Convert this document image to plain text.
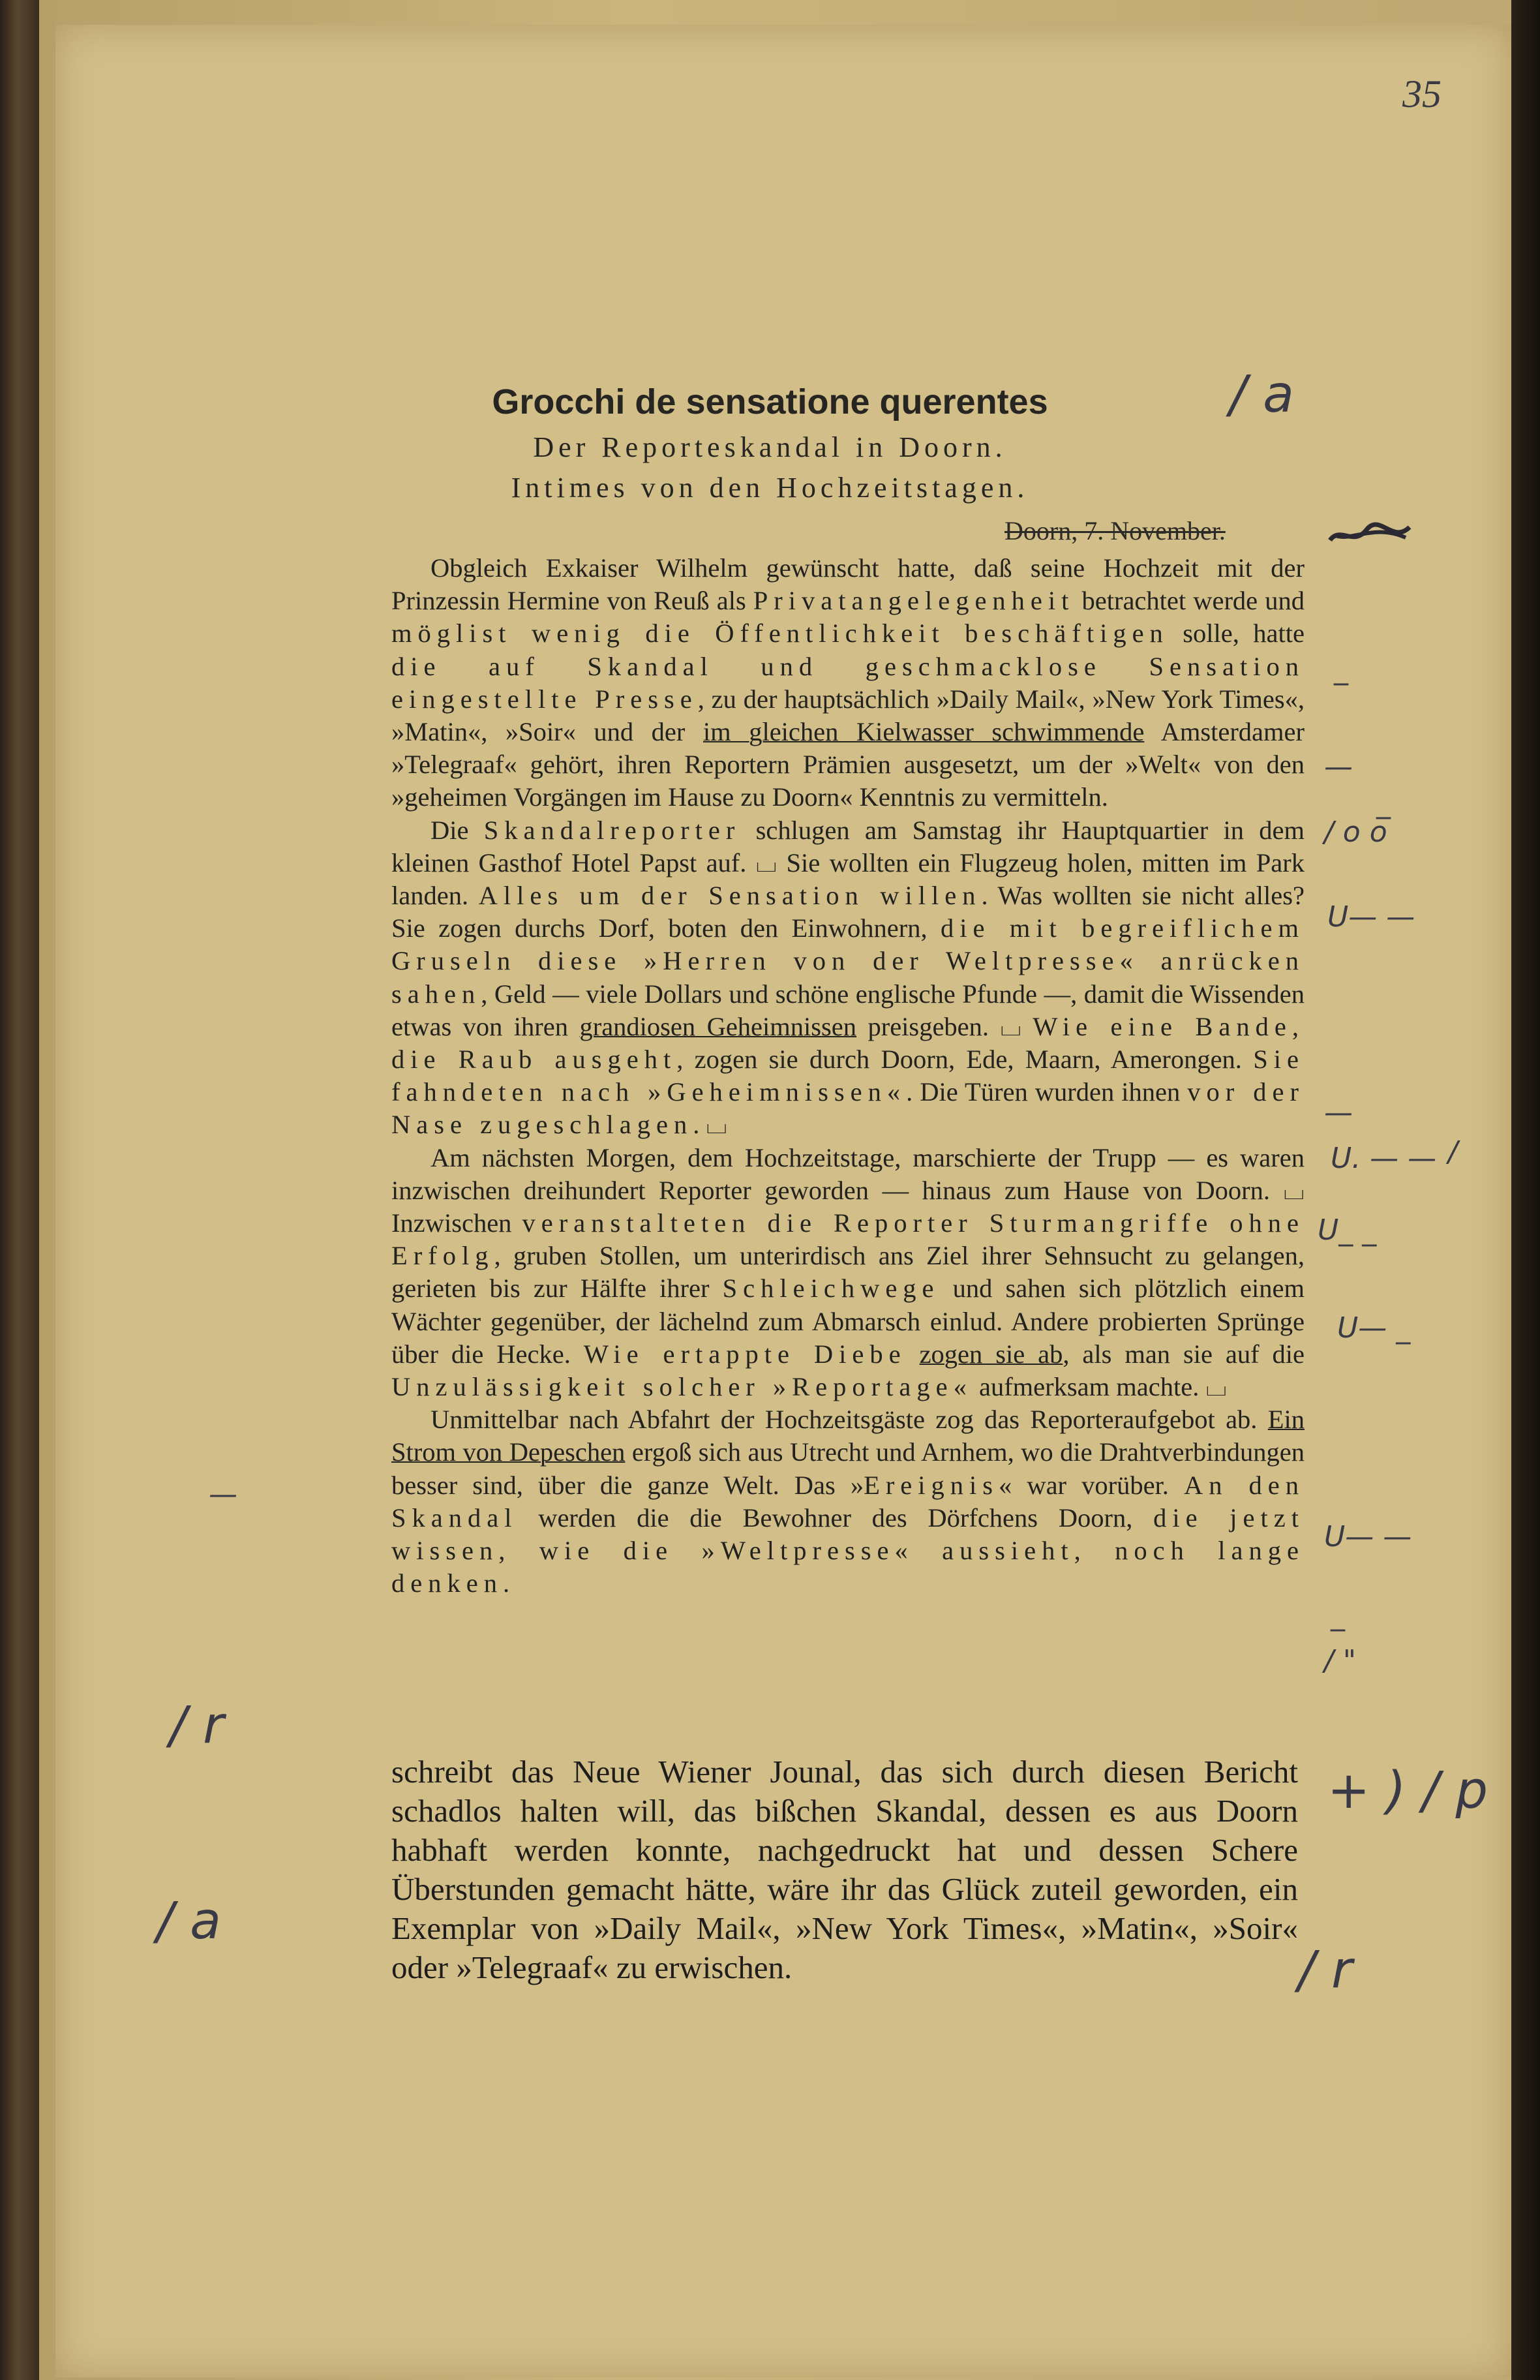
35
Grocchi de sensatione querentes
Der Reporteskandal in Doorn.
Intimes von den Hochzeitstagen.
Doorn, 7. November.

Obgleich Exkaiser Wilhelm gewünscht hatte, daß seine Hochzeit mit der Prinzessin Hermine von Reuß als Privatangelegenheit betrachtet werde und möglist wenig die Öffentlichkeit beschäftigen solle, hatte die auf Skandal und geschmacklose Sensation eingestellte Presse, zu der hauptsächlich »Daily Mail«, »New York Times«, »Matin«, »Soir« und der im gleichen Kielwasser schwimmende Amsterdamer »Telegraaf« gehört, ihren Reportern Prämien ausgesetzt, um der »Welt« von den »geheimen Vorgängen im Hause zu Doorn« Kenntnis zu vermitteln.

Die Skandalreporter schlugen am Samstag ihr Hauptquartier in dem kleinen Gasthof Hotel Papst auf. ⌴ Sie wollten ein Flugzeug holen, mitten im Park landen. Alles um der Sensation willen. Was wollten sie nicht alles? Sie zogen durchs Dorf, boten den Einwohnern, die mit begreiflichem Gruseln diese »Herren von der Weltpresse« anrücken sahen, Geld — viele Dollars und schöne englische Pfunde —, damit die Wissenden etwas von ihren grandiosen Geheimnissen preisgeben. ⌴ Wie eine Bande, die Raub ausgeht, zogen sie durch Doorn, Ede, Maarn, Amerongen. Sie fahndeten nach »Geheimnissen«. Die Türen wurden ihnen vor der Nase zugeschlagen. ⌴

Am nächsten Morgen, dem Hochzeitstage, marschierte der Trupp — es waren inzwischen dreihundert Reporter geworden — hinaus zum Hause von Doorn. ⌴ Inzwischen veranstalteten die Reporter Sturmangriffe ohne Erfolg, gruben Stollen, um unterirdisch ans Ziel ihrer Sehnsucht zu gelangen, gerieten bis zur Hälfte ihrer Schleichwege und sahen sich plötzlich einem Wächter gegenüber, der lächelnd zum Abmarsch einlud. Andere probierten Sprünge über die Hecke. Wie ertappte Diebe zogen sie ab, als man sie auf die Unzulässigkeit solcher »Reportage« aufmerksam machte. ⌴

Unmittelbar nach Abfahrt der Hochzeitsgäste zog das Reporteraufgebot ab. Ein Strom von Depeschen ergoß sich aus Utrecht und Arnhem, wo die Drahtverbindungen besser sind, über die ganze Welt. Das »Ereignis« war vorüber. An den Skandal werden die die Bewohner des Dörfchens Doorn, die jetzt wissen, wie die »Weltpresse« aussieht, noch lange denken.

schreibt das Neue Wiener Jounal, das sich durch diesen Bericht schadlos halten will, das bißchen Skandal, dessen es aus Doorn habhaft werden konnte, nachgedruckt hat und dessen Schere Überstunden gemacht hätte, wäre ihr das Glück zuteil geworden, ein Exemplar von »Daily Mail«, »New York Times«, »Matin«, »Soir« oder »Telegraaf« zu erwischen.

/ a
_
—
_
/ o o
U— —
—
U. — — /
U_ _
U— _
U— —
_
/ "
+ ) / p
/ r
—
/ r
/ a
